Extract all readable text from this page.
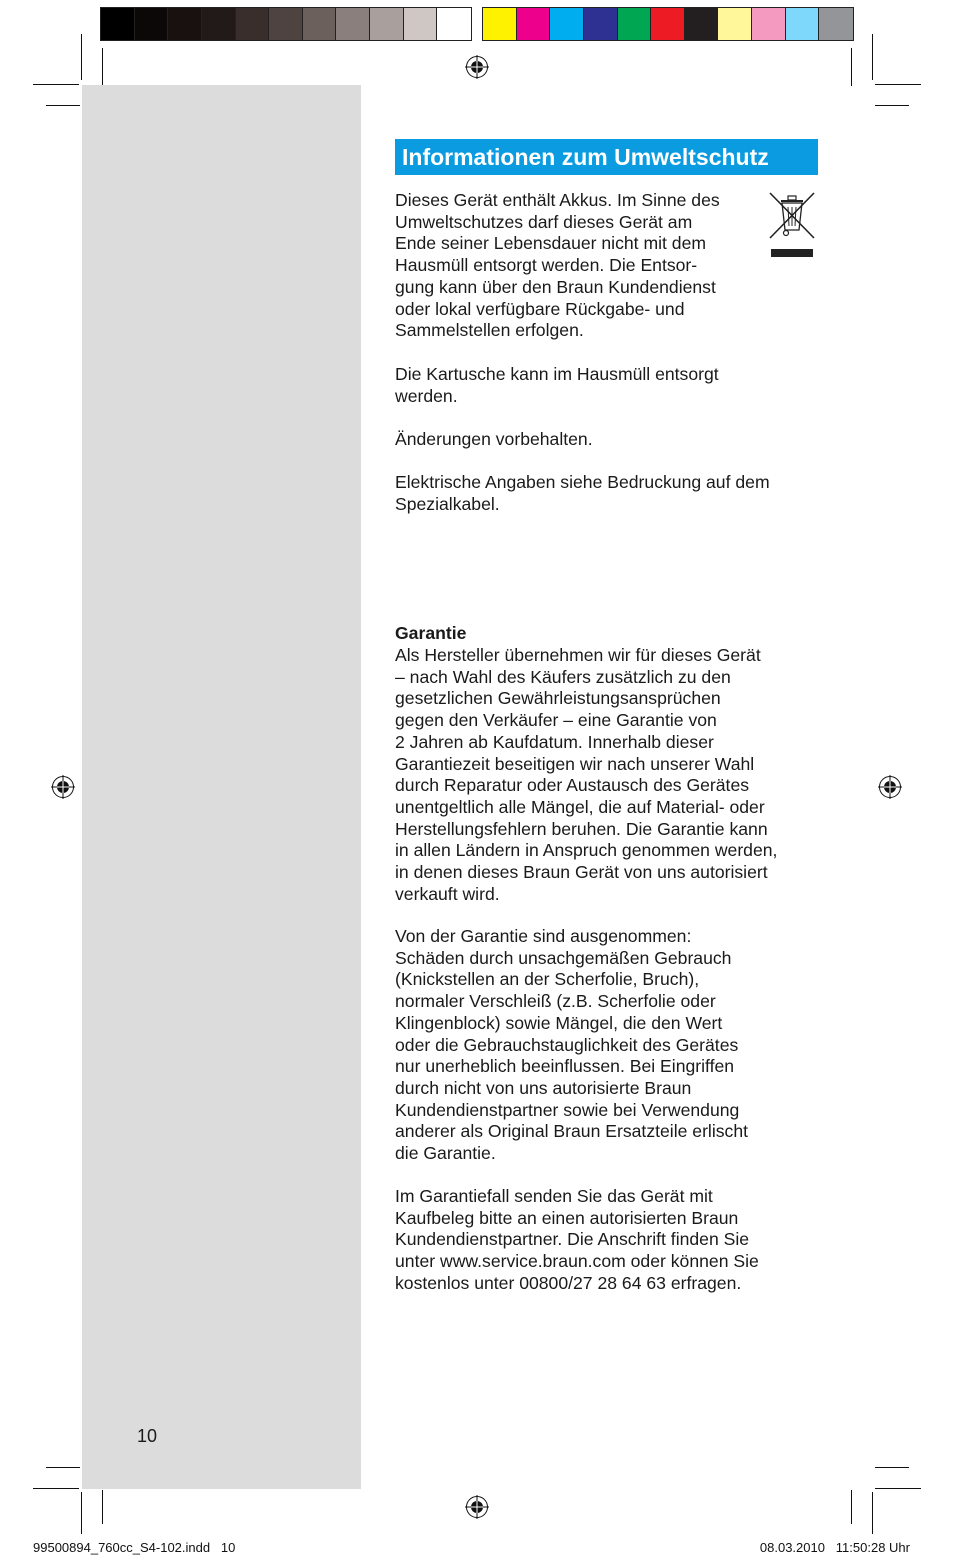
Informationen zum Umweltschutz
Dieses Gerät enthält Akkus. Im Sinne des
Umweltschutzes darf dieses Gerät am
Ende seiner Lebensdauer nicht mit dem
Hausmüll entsorgt werden. Die Entsor-
gung kann über den Braun Kundendienst
oder lokal verfügbare Rückgabe- und
Sammelstellen erfolgen.
Die Kartusche kann im Hausmüll entsorgt
werden.
Änderungen vorbehalten.
Elektrische Angaben siehe Bedruckung auf dem
Spezialkabel.
Garantie
Als Hersteller übernehmen wir für dieses Gerät
– nach Wahl des Käufers zusätzlich zu den
gesetzlichen Gewährleistungsansprüchen
gegen den Verkäufer – eine Garantie von
2 Jahren ab Kaufdatum. Innerhalb dieser
Garantiezeit beseitigen wir nach unserer Wahl
durch Reparatur oder Austausch des Gerätes
unentgeltlich alle Mängel, die auf Material- oder
Herstellungsfehlern beruhen. Die Garantie kann
in allen Ländern in Anspruch genommen werden,
in denen dieses Braun Gerät von uns autorisiert
verkauft wird.
Von der Garantie sind ausgenommen:
Schäden durch unsachgemäßen Gebrauch
(Knickstellen an der Scherfolie, Bruch),
normaler Verschleiß (z.B. Scherfolie oder
Klingenblock) sowie Mängel, die den Wert
oder die Gebrauchstauglichkeit des Gerätes
nur unerheblich beeinflussen. Bei Eingriffen
durch nicht von uns autorisierte Braun
Kundendienstpartner sowie bei Verwendung
anderer als Original Braun Ersatzteile erlischt
die Garantie.
Im Garantiefall senden Sie das Gerät mit
Kaufbeleg bitte an einen autorisierten Braun
Kundendienstpartner. Die Anschrift finden Sie
unter www.service.braun.com oder können Sie
kostenlos unter 00800/27 28 64 63 erfragen.
10
99500894_760cc_S4-102.indd   10	08.03.2010   11:50:28 Uhr
